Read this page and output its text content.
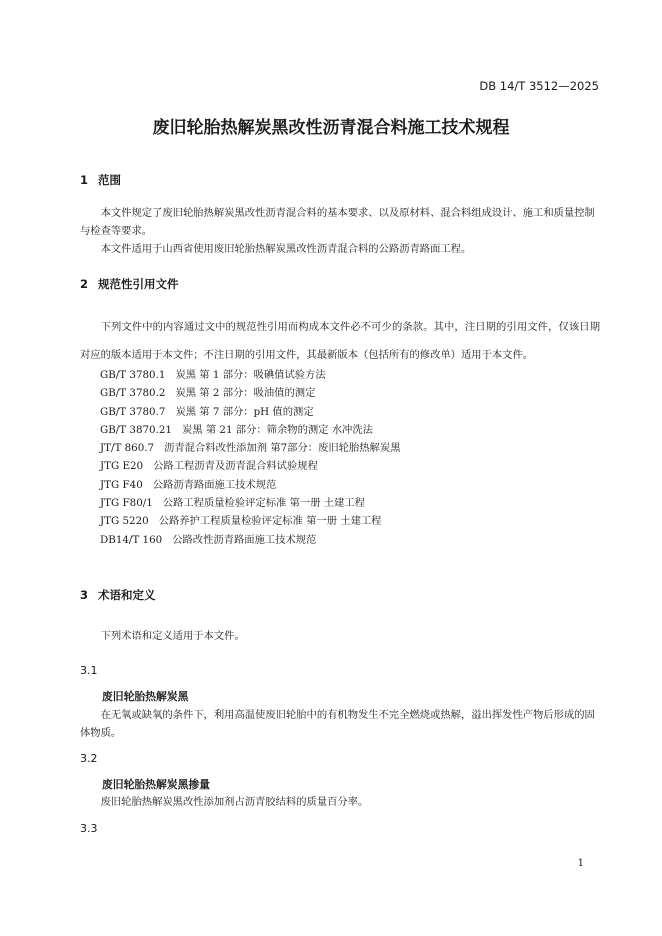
DB 14/T 3512—2025
废旧轮胎热解炭黑改性沥青混合料施工技术规程
1 范围

本文件规定了废旧轮胎热解炭黑改性沥青混合料的基本要求、以及原材料、混合料组成设计、施工和质量控制与检查等要求。

本文件适用于山西省使用废旧轮胎热解炭黑改性沥青混合料的公路沥青路面工程。

2 规范性引用文件

下列文件中的内容通过文中的规范性引用而构成本文件必不可少的条款。其中，注日期的引用文件，仅该日期对应的版本适用于本文件；不注日期的引用文件，其最新版本（包括所有的修改单）适用于本文件。

GB/T 3780.1 炭黑 第 1 部分：吸碘值试验方法
GB/T 3780.2 炭黑 第 2 部分：吸油值的测定
GB/T 3780.7 炭黑 第 7 部分：pH 值的测定
GB/T 3870.21 炭黑 第 21 部分：筛余物的测定 水冲洗法
JT/T 860.7 沥青混合料改性添加剂 第7部分：废旧轮胎热解炭黑
JTG E20 公路工程沥青及沥青混合料试验规程
JTG F40 公路沥青路面施工技术规范
JTG F80/1 公路工程质量检验评定标准 第一册 土建工程
JTG 5220 公路养护工程质量检验评定标准 第一册 土建工程
DB14/T 160 公路改性沥青路面施工技术规范
3 术语和定义

下列术语和定义适用于本文件。

3.1
废旧轮胎热解炭黑

在无氧或缺氧的条件下，利用高温使废旧轮胎中的有机物发生不完全燃烧或热解，溢出挥发性产物后形成的固体物质。

3.2
废旧轮胎热解炭黑掺量

废旧轮胎热解炭黑改性添加剂占沥青胶结料的质量百分率。

3.3
1
